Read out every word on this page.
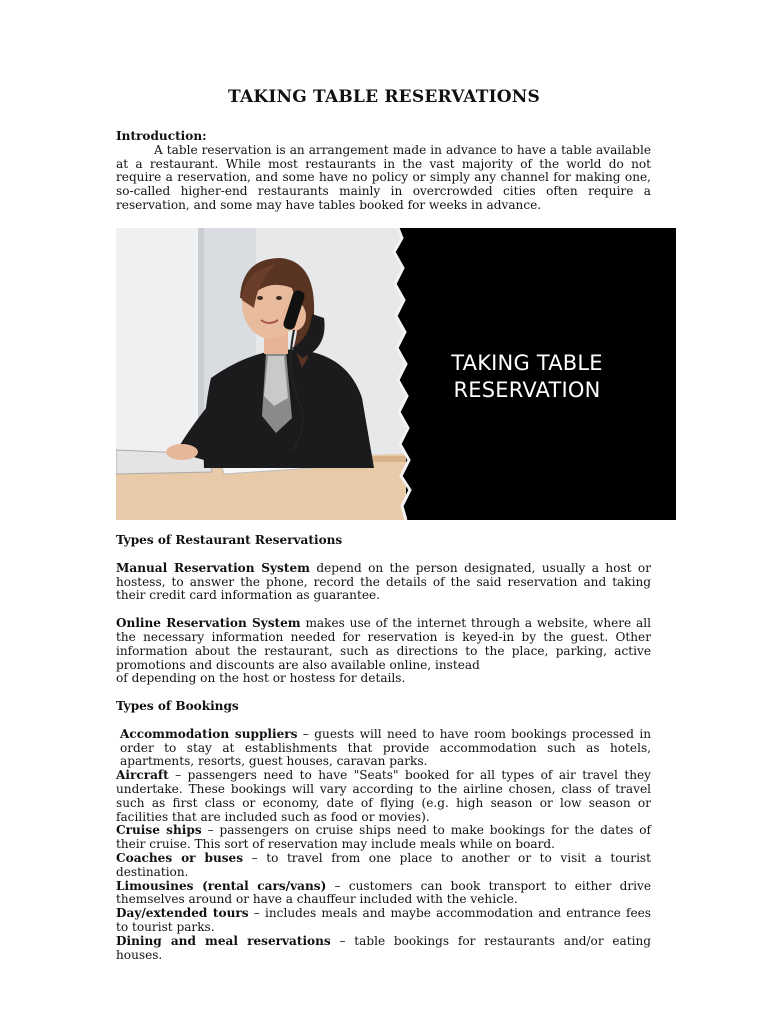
TAKING TABLE RESERVATIONS

Introduction:

A table reservation is an arrangement made in advance to have a table available at a restaurant. While most restaurants in the vast majority of the world do not require a reservation, and some have no policy or simply any channel for making one, so-called higher-end restaurants mainly in overcrowded cities often require a reservation, and some may have tables booked for weeks in advance.

TAKING TABLE
RESERVATION

Types of Restaurant Reservations

Manual Reservation System depend on the person designated, usually a host or hostess, to answer the phone, record the details of the said reservation and taking their credit card information as guarantee.

Online Reservation System makes use of the internet through a website, where all the necessary information needed for reservation is keyed-in by the guest. Other information about the restaurant, such as directions to the place, parking, active promotions and discounts are also available online, instead

of depending on the host or hostess for details.

Types of Bookings

Accommodation suppliers – guests will need to have room bookings processed in order to stay at establishments that provide accommodation such as hotels, apartments, resorts, guest houses, caravan parks.

Aircraft – passengers need to have "Seats" booked for all types of air travel they undertake. These bookings will vary according to the airline chosen, class of travel such as first class or economy, date of flying (e.g. high season or low season or facilities that are included such as food or movies).

Cruise ships – passengers on cruise ships need to make bookings for the dates of their cruise. This sort of reservation may include meals while on board.

Coaches or buses – to travel from one place to another or to visit a tourist destination.

Limousines (rental cars/vans) – customers can book transport to either drive themselves around or have a chauffeur included with the vehicle.

Day/extended tours – includes meals and maybe accommodation and entrance fees to tourist parks.

Dining and meal reservations – table bookings for restaurants and/or eating houses.
